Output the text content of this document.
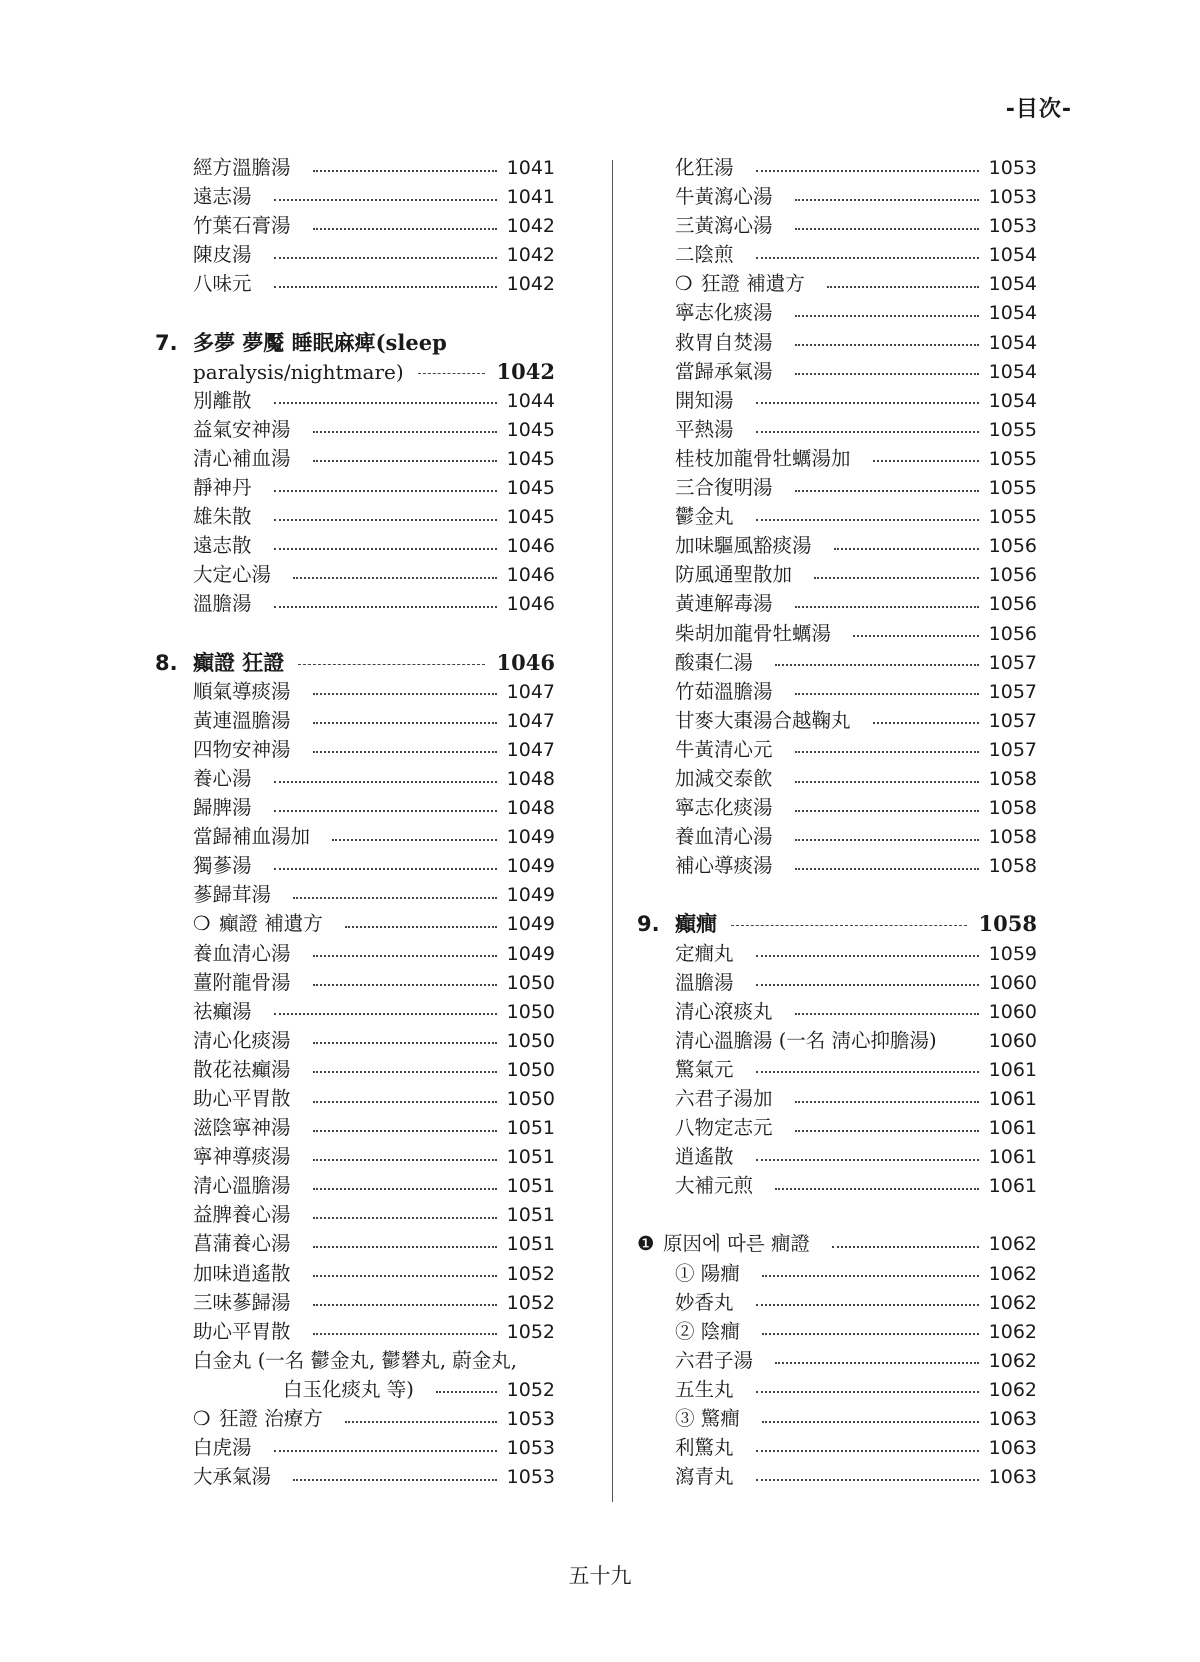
-目次-
經方溫膽湯	1041
遠志湯	1041
竹葉石膏湯	1042
陳皮湯	1042
八味元	1042
7. 多夢 夢魘 睡眠麻痺(sleep
paralysis/nightmare)	1042
別離散	1044
益氣安神湯	1045
清心補血湯	1045
靜神丹	1045
雄朱散	1045
遠志散	1046
大定心湯	1046
溫膽湯	1046
8. 癲證 狂證	1046
順氣導痰湯	1047
黃連溫膽湯	1047
四物安神湯	1047
養心湯	1048
歸脾湯	1048
當歸補血湯加	1049
獨蔘湯	1049
蔘歸茸湯	1049
❍ 癲證 補遺方	1049
養血清心湯	1049
薑附龍骨湯	1050
祛癲湯	1050
清心化痰湯	1050
散花祛癲湯	1050
助心平胃散	1050
滋陰寧神湯	1051
寧神導痰湯	1051
清心溫膽湯	1051
益脾養心湯	1051
菖蒲養心湯	1051
加味逍遙散	1052
三味蔘歸湯	1052
助心平胃散	1052
白金丸 (一名 鬱金丸, 鬱礬丸, 蔚金丸,
白玉化痰丸 等)	1052
❍ 狂證 治療方	1053
白虎湯	1053
大承氣湯	1053
化狂湯	1053
牛黃瀉心湯	1053
三黃瀉心湯	1053
二陰煎	1054
❍ 狂證 補遺方	1054
寧志化痰湯	1054
救胃自焚湯	1054
當歸承氣湯	1054
開知湯	1054
平熱湯	1055
桂枝加龍骨牡蠣湯加	1055
三合復明湯	1055
鬱金丸	1055
加味驅風豁痰湯	1056
防風通聖散加	1056
黃連解毒湯	1056
柴胡加龍骨牡蠣湯	1056
酸棗仁湯	1057
竹茹溫膽湯	1057
甘麥大棗湯合越鞠丸	1057
牛黃清心元	1057
加減交泰飮	1058
寧志化痰湯	1058
養血清心湯	1058
補心導痰湯	1058
9. 癲癎	1058
定癎丸	1059
溫膽湯	1060
清心滾痰丸	1060
清心溫膽湯 (一名 淸心抑膽湯)	1060
驚氣元	1061
六君子湯加	1061
八物定志元	1061
逍遙散	1061
大補元煎	1061
❶ 原因에 따른 癎證	1062
① 陽癎	1062
妙香丸	1062
② 陰癎	1062
六君子湯	1062
五生丸	1062
③ 驚癎	1063
利驚丸	1063
瀉青丸	1063
五十九
